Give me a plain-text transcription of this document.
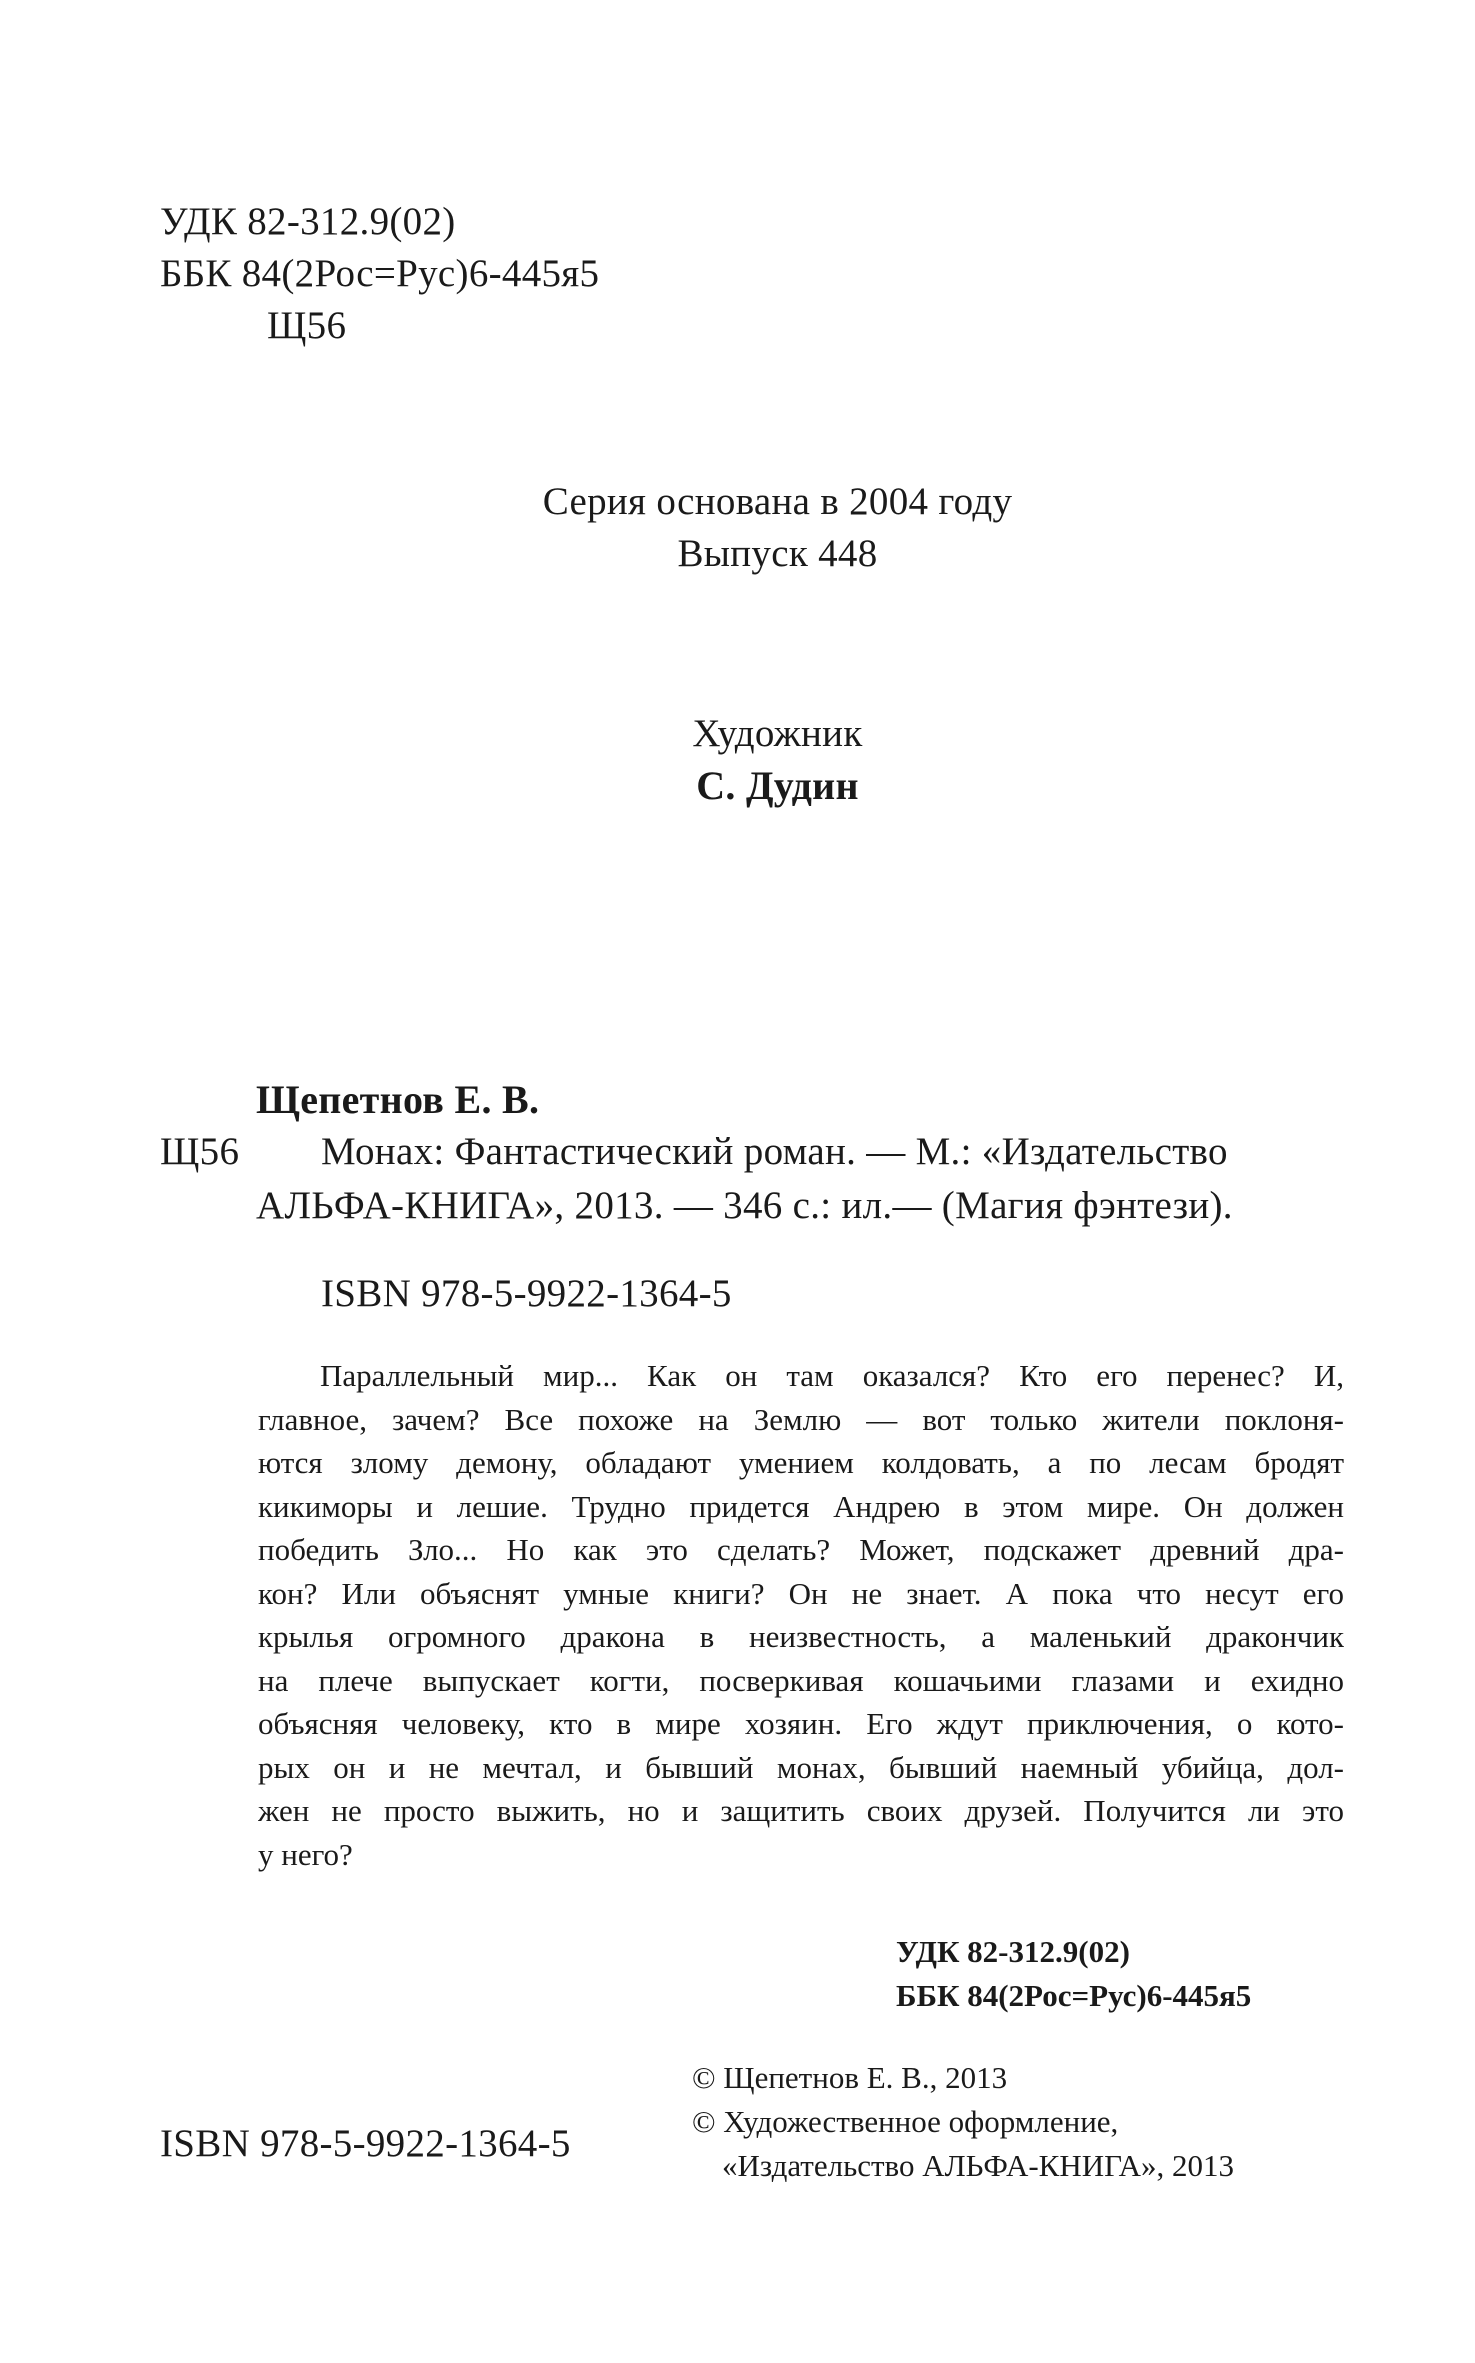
УДК 82-312.9(02)
ББК 84(2Рос=Рус)6-445я5
Щ56
Серия основана в 2004 году
Выпуск 448
Художник
С. Дудин
Щепетнов Е. В.
Щ56 Монах: Фантастический роман. — М.: «Издательство
АЛЬФА-КНИГА», 2013. — 346 с.: ил.— (Магия фэнтези).
ISBN 978-5-9922-1364-5
Параллельный мир... Как он там оказался? Кто его перенес? И,
главное, зачем? Все похоже на Землю — вот только жители поклоня-
ются злому демону, обладают умением колдовать, а по лесам бродят
кикиморы и лешие. Трудно придется Андрею в этом мире. Он должен
победить Зло... Но как это сделать? Может, подскажет древний дра-
кон? Или объяснят умные книги? Он не знает. А пока что несут его
крылья огромного дракона в неизвестность, а маленький дракончик
на плече выпускает когти, посверкивая кошачьими глазами и ехидно
объясняя человеку, кто в мире хозяин. Его ждут приключения, о кото-
рых он и не мечтал, и бывший монах, бывший наемный убийца, дол-
жен не просто выжить, но и защитить своих друзей. Получится ли это
у него?
УДК 82-312.9(02)
ББК 84(2Рос=Рус)6-445я5
© Щепетнов Е. В., 2013
© Художественное оформление,
«Издательство АЛЬФА-КНИГА», 2013
ISBN 978-5-9922-1364-5
